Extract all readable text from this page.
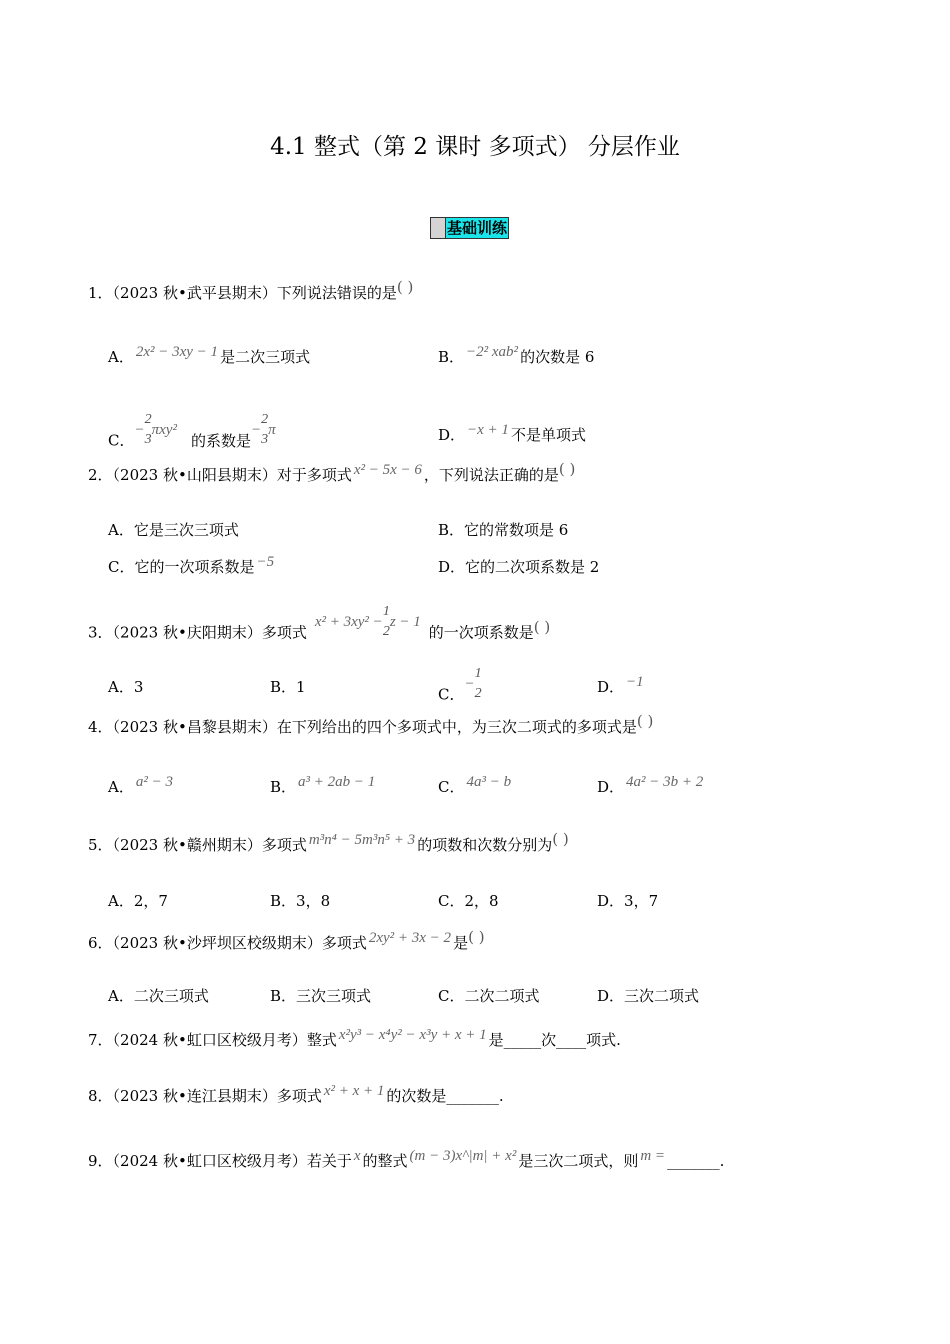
4.1 整式（第 2 课时 多项式） 分层作业
基础训练
1．（2023 秋•武平县期末）下列说法错误的是( )
A． 2x² − 3xy − 1 是二次三项式	B． −2² xab² 的次数是 6
C．
−
2
3
πxy²
的系数是
−
2
3
π	D． −x + 1 不是单项式
2．（2023 秋•山阳县期末）对于多项式 x² − 5x − 6 ，下列说法正确的是( )
A．它是三次三项式	B．它的常数项是 6
C．它的一次项系数是 −5	D．它的二次项系数是 2
3．（2023 秋•庆阳期末）多项式
x² + 3xy² −
1
2
z − 1
的一次项系数是( )
A．3	B．1	C．
−
1
2	D． −1
4．（2023 秋•昌黎县期末）在下列给出的四个多项式中，为三次二项式的多项式是( )
A． a² − 3	B． a³ + 2ab − 1	C． 4a³ − b	D． 4a² − 3b + 2
5．（2023 秋•赣州期末）多项式 m³n⁴ − 5m³n⁵ + 3 的项数和次数分别为( )
A．2，7	B．3，8	C．2，8	D．3，7
6．（2023 秋•沙坪坝区校级期末）多项式 2xy² + 3x − 2 是( )
A．二次三项式	B．三次三项式	C．二次二项式	D．三次二项式
7．（2024 秋•虹口区校级月考）整式 x²y³ − x⁴y² − x³y + x + 1 是_____次____项式.
8．（2023 秋•连江县期末）多项式 x² + x + 1 的次数是_______.
9．（2024 秋•虹口区校级月考）若关于 x 的整式 (m − 3)x^|m| + x² 是三次二项式，则 m = _______.
